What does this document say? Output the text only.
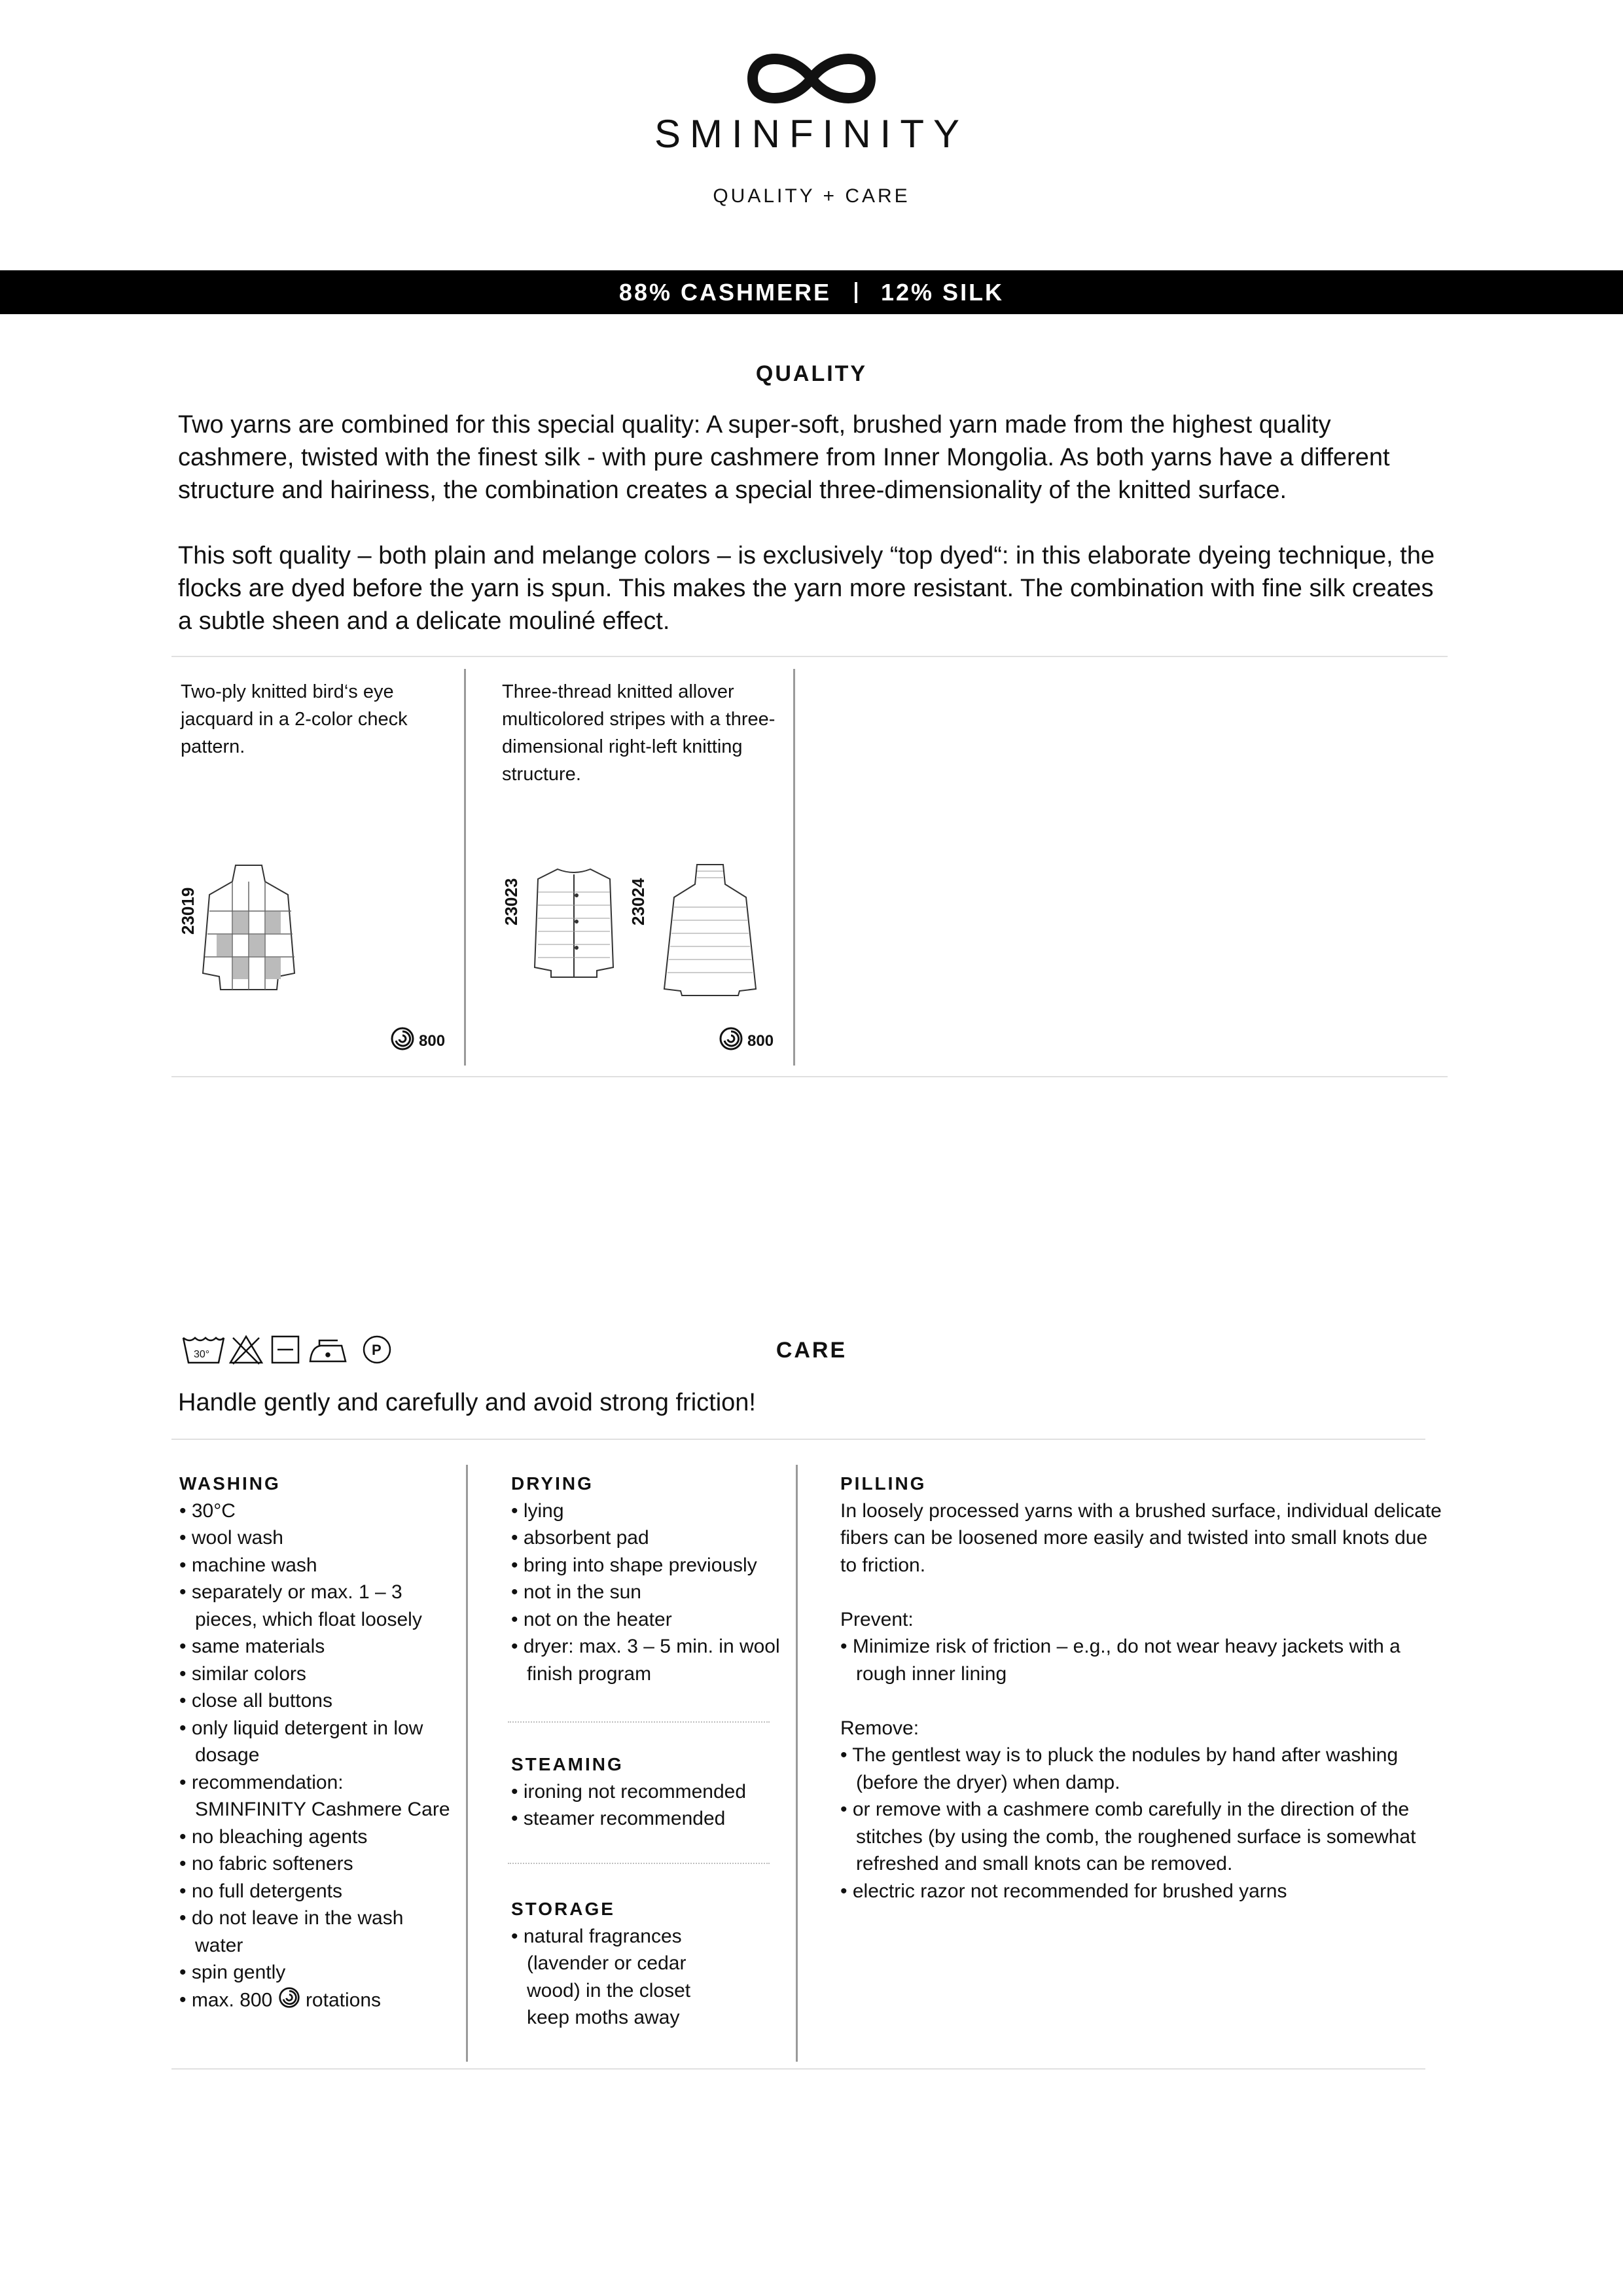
SMINFINITY
QUALITY + CARE
88% CASHMERE 12% SILK
QUALITY
Two yarns are combined for this special quality: A super-soft, brushed yarn made from the highest quality cashmere, twisted with the finest silk - with pure cashmere from Inner Mongolia. As both yarns have a different structure and hairiness, the combination creates a special three-dimensionality of the knitted surface.
This soft quality – both plain and melange colors – is exclusively “top dyed“: in this elaborate dyeing technique, the flocks are dyed before the yarn is spun. This makes the yarn more resistant. The combination with fine silk creates a subtle sheen and a delicate mouliné effect.
Two-ply knitted bird‘s eye jacquard in a 2-color check pattern.
23019
800
Three-thread knitted allover multicolored stripes with a three-dimensional right-left knitting structure.
23023	23024
800
30°	P	CARE
Handle gently and carefully and avoid strong friction!
WASHING
• 30°C
• wool wash
• machine wash
• separately or max. 1 – 3 pieces, which float loosely
• same materials
• similar colors
• close all buttons
• only liquid detergent in low dosage
• recommendation: SMINFINITY Cashmere Care
• no bleaching agents
• no fabric softeners
• no full detergents
• do not leave in the wash water
• spin gently
• max. 800 rotations
DRYING
• lying
• absorbent pad
• bring into shape previously
• not in the sun
• not on the heater
• dryer: max. 3 – 5 min. in wool finish program
STEAMING
• ironing not recommended
• steamer recommended
STORAGE
• natural fragrances (lavender or cedar wood) in the closet keep moths away
PILLING

In loosely processed yarns with a brushed surface, individual delicate fibers can be loosened more easily and twisted into small knots due to friction.

Prevent:

• Minimize risk of friction – e.g., do not wear heavy jackets with a rough inner lining

Remove:

• The gentlest way is to pluck the nodules by hand after washing (before the dryer) when damp.
• or remove with a cashmere comb carefully in the direction of the stitches (by using the comb, the roughened surface is somewhat refreshed and small knots can be removed.
• electric razor not recommended for brushed yarns
